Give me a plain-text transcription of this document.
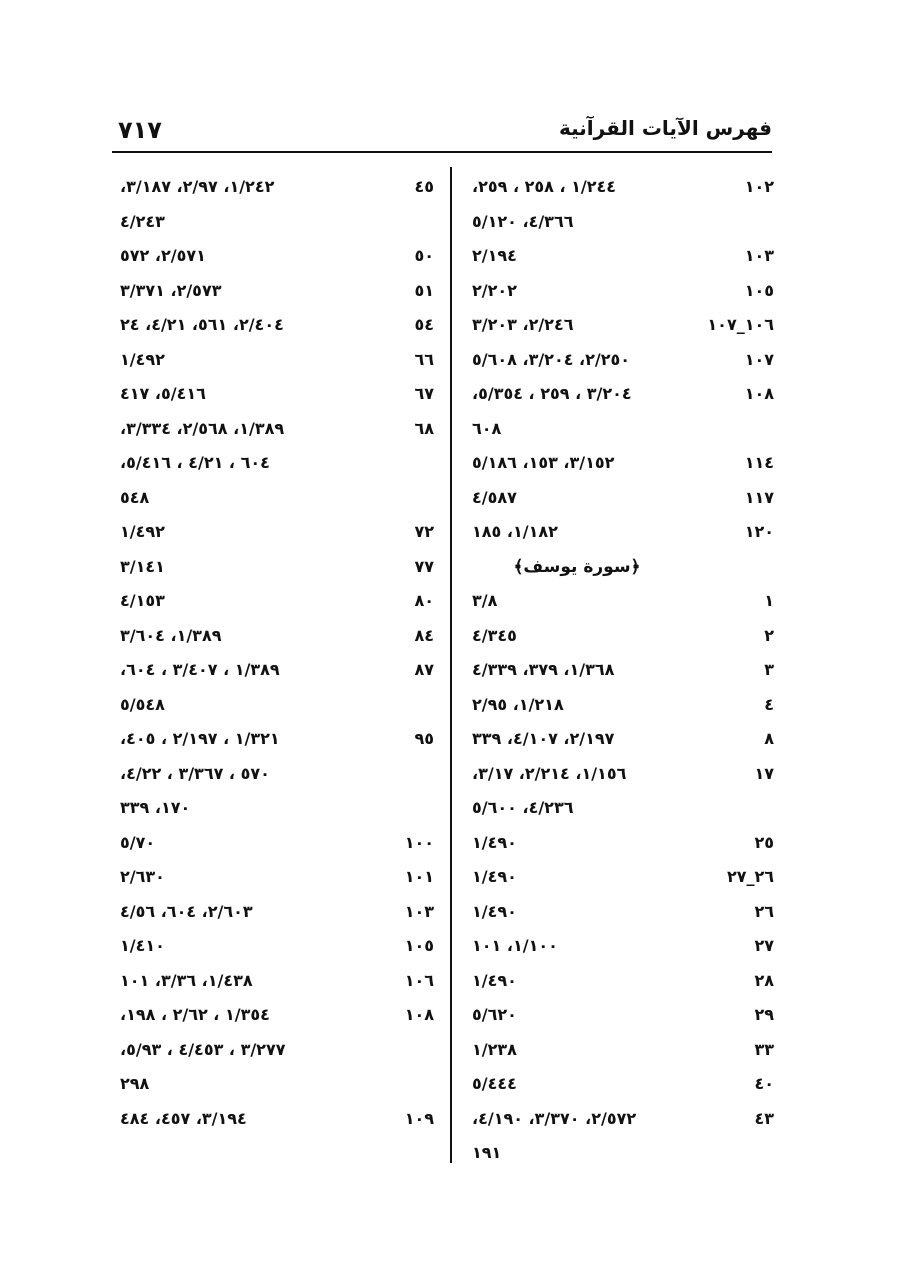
٧١٧	فهرس الآيات القرآنية
١٠٢
١/٢٤٤ ، ٢٥٨ ، ٢٥٩،
٤/٣٦٦، ٥/١٢٠
١٠٣
٢/١٩٤
١٠٥
٢/٢٠٢
١٠٦_١٠٧
٢/٢٤٦، ٣/٢٠٣
١٠٧
٢/٢٥٠، ٣/٢٠٤، ٥/٦٠٨
١٠٨
٣/٢٠٤ ، ٢٥٩ ، ٥/٣٥٤،
٦٠٨
١١٤
٣/١٥٢، ١٥٣، ٥/١٨٦
١١٧
٤/٥٨٧
١٢٠
١/١٨٢، ١٨٥
﴿سورة يوسف﴾
١
٣/٨
٢
٤/٣٤٥
٣
١/٣٦٨، ٣٧٩، ٤/٣٣٩
٤
١/٢١٨، ٢/٩٥
٨
٢/١٩٧، ٤/١٠٧، ٣٣٩
١٧
١/١٥٦، ٢/٢١٤، ٣/١٧،
٤/٢٣٦، ٥/٦٠٠
٢٥
١/٤٩٠
٢٦_٢٧
١/٤٩٠
٢٦
١/٤٩٠
٢٧
١/١٠٠، ١٠١
٢٨
١/٤٩٠
٢٩
٥/٦٢٠
٣٣
١/٢٣٨
٤٠
٥/٤٤٤
٤٣
٢/٥٧٢، ٣/٣٧٠، ٤/١٩٠،
١٩١
٤٥
١/٢٤٢، ٢/٩٧، ٣/١٨٧،
٤/٢٤٣
٥٠
٢/٥٧١، ٥٧٢
٥١
٢/٥٧٣، ٣/٣٧١
٥٤
٢/٤٠٤، ٥٦١، ٤/٢١، ٢٤
٦٦
١/٤٩٢
٦٧
٥/٤١٦، ٤١٧
٦٨
١/٣٨٩، ٢/٥٦٨، ٣/٣٣٤،
٦٠٤ ، ٤/٢١ ، ٥/٤١٦،
٥٤٨
٧٢
١/٤٩٢
٧٧
٣/١٤١
٨٠
٤/١٥٣
٨٤
١/٣٨٩، ٣/٦٠٤
٨٧
١/٣٨٩ ، ٣/٤٠٧ ، ٦٠٤،
٥/٥٤٨
٩٥
١/٣٢١ ، ٢/١٩٧ ، ٤٠٥،
٥٧٠ ، ٣/٣٦٧ ، ٤/٢٢،
١٧٠، ٣٣٩
١٠٠
٥/٧٠
١٠١
٢/٦٣٠
١٠٣
٢/٦٠٣، ٦٠٤، ٤/٥٦
١٠٥
١/٤١٠
١٠٦
١/٤٣٨، ٣/٣٦، ١٠١
١٠٨
١/٣٥٤ ، ٢/٦٢ ، ١٩٨،
٣/٢٧٧ ، ٤/٤٥٣ ، ٥/٩٣،
٢٩٨
١٠٩
٣/١٩٤، ٤٥٧، ٤٨٤
